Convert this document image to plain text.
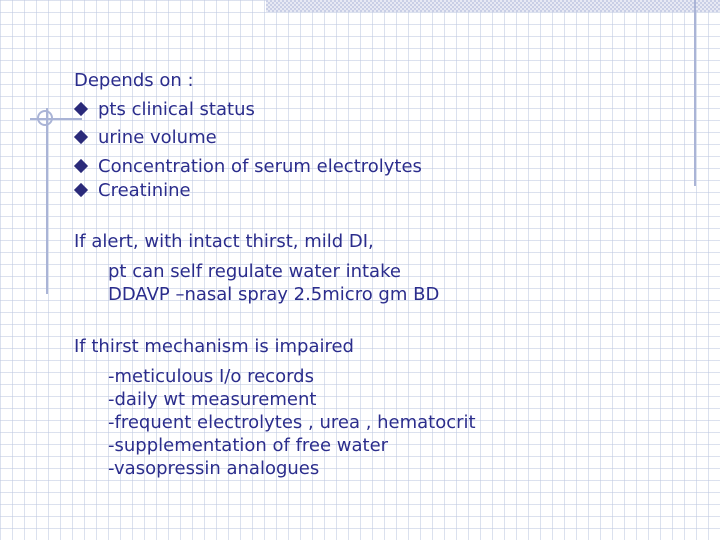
Depends on :
pts clinical status
urine volume
Concentration of serum electrolytes
Creatinine
If alert, with intact thirst, mild DI,
pt can self regulate water intake
DDAVP –nasal spray 2.5micro gm BD
If thirst mechanism is impaired
-meticulous I/o records
-daily wt measurement
-frequent electrolytes , urea , hematocrit
-supplementation of free water
-vasopressin analogues
